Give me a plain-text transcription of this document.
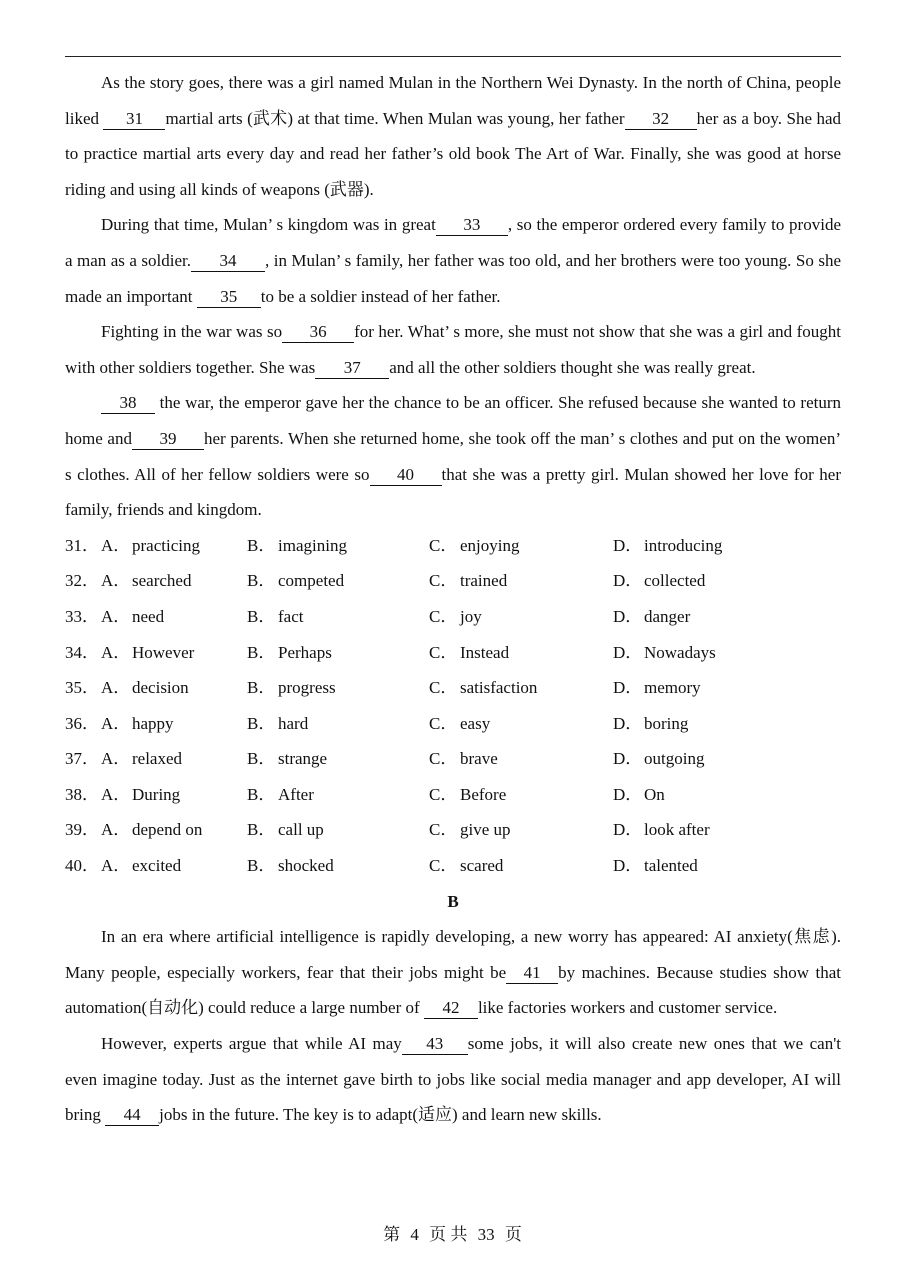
As the story goes, there was a girl named Mulan in the Northern Wei Dynasty. In the north of China, people liked 31 martial arts (武术) at that time. When Mulan was young, her father 32 her as a boy. She had to practice martial arts every day and read her father’s old book The Art of War. Finally, she was good at horse riding and using all kinds of weapons (武器).

During that time, Mulan’ s kingdom was in great 33 , so the emperor ordered every family to provide a man as a soldier. 34 , in Mulan’ s family, her father was too old, and her brothers were too young. So she made an important 35 to be a soldier instead of her father.

Fighting in the war was so 36 for her. What’ s more, she must not show that she was a girl and fought with other soldiers together. She was 37 and all the other soldiers thought she was really great.

38 the war, the emperor gave her the chance to be an officer. She refused because she wanted to return home and 39 her parents. When she returned home, she took off the man’ s clothes and put on the women’ s clothes. All of her fellow soldiers were so 40 that she was a pretty girl. Mulan showed her love for her family, friends and kingdom.

31． A． practicing	B． imagining	C． enjoying	D． introducing
32． A． searched	B． competed	C． trained	D． collected
33． A． need	B． fact	C． joy	D． danger
34． A． However	B． Perhaps	C． Instead	D． Nowadays
35． A． decision	B． progress	C． satisfaction	D． memory
36． A． happy	B． hard	C． easy	D． boring
37． A． relaxed	B． strange	C． brave	D． outgoing
38． A． During	B． After	C． Before	D． On
39． A． depend on	B． call up	C． give up	D． look after
40． A． excited	B． shocked	C． scared	D． talented
B

In an era where artificial intelligence is rapidly developing, a new worry has appeared: AI anxiety(焦虑). Many people, especially workers, fear that their jobs might be 41 by machines. Because studies show that automation(自动化) could reduce a large number of 42 like factories workers and customer service.

However, experts argue that while AI may 43 some jobs, it will also create new ones that we can't even imagine today. Just as the internet gave birth to jobs like social media manager and app developer, AI will bring 44 jobs in the future. The key is to adapt(适应) and learn new skills.

第 4 页 共 33 页
